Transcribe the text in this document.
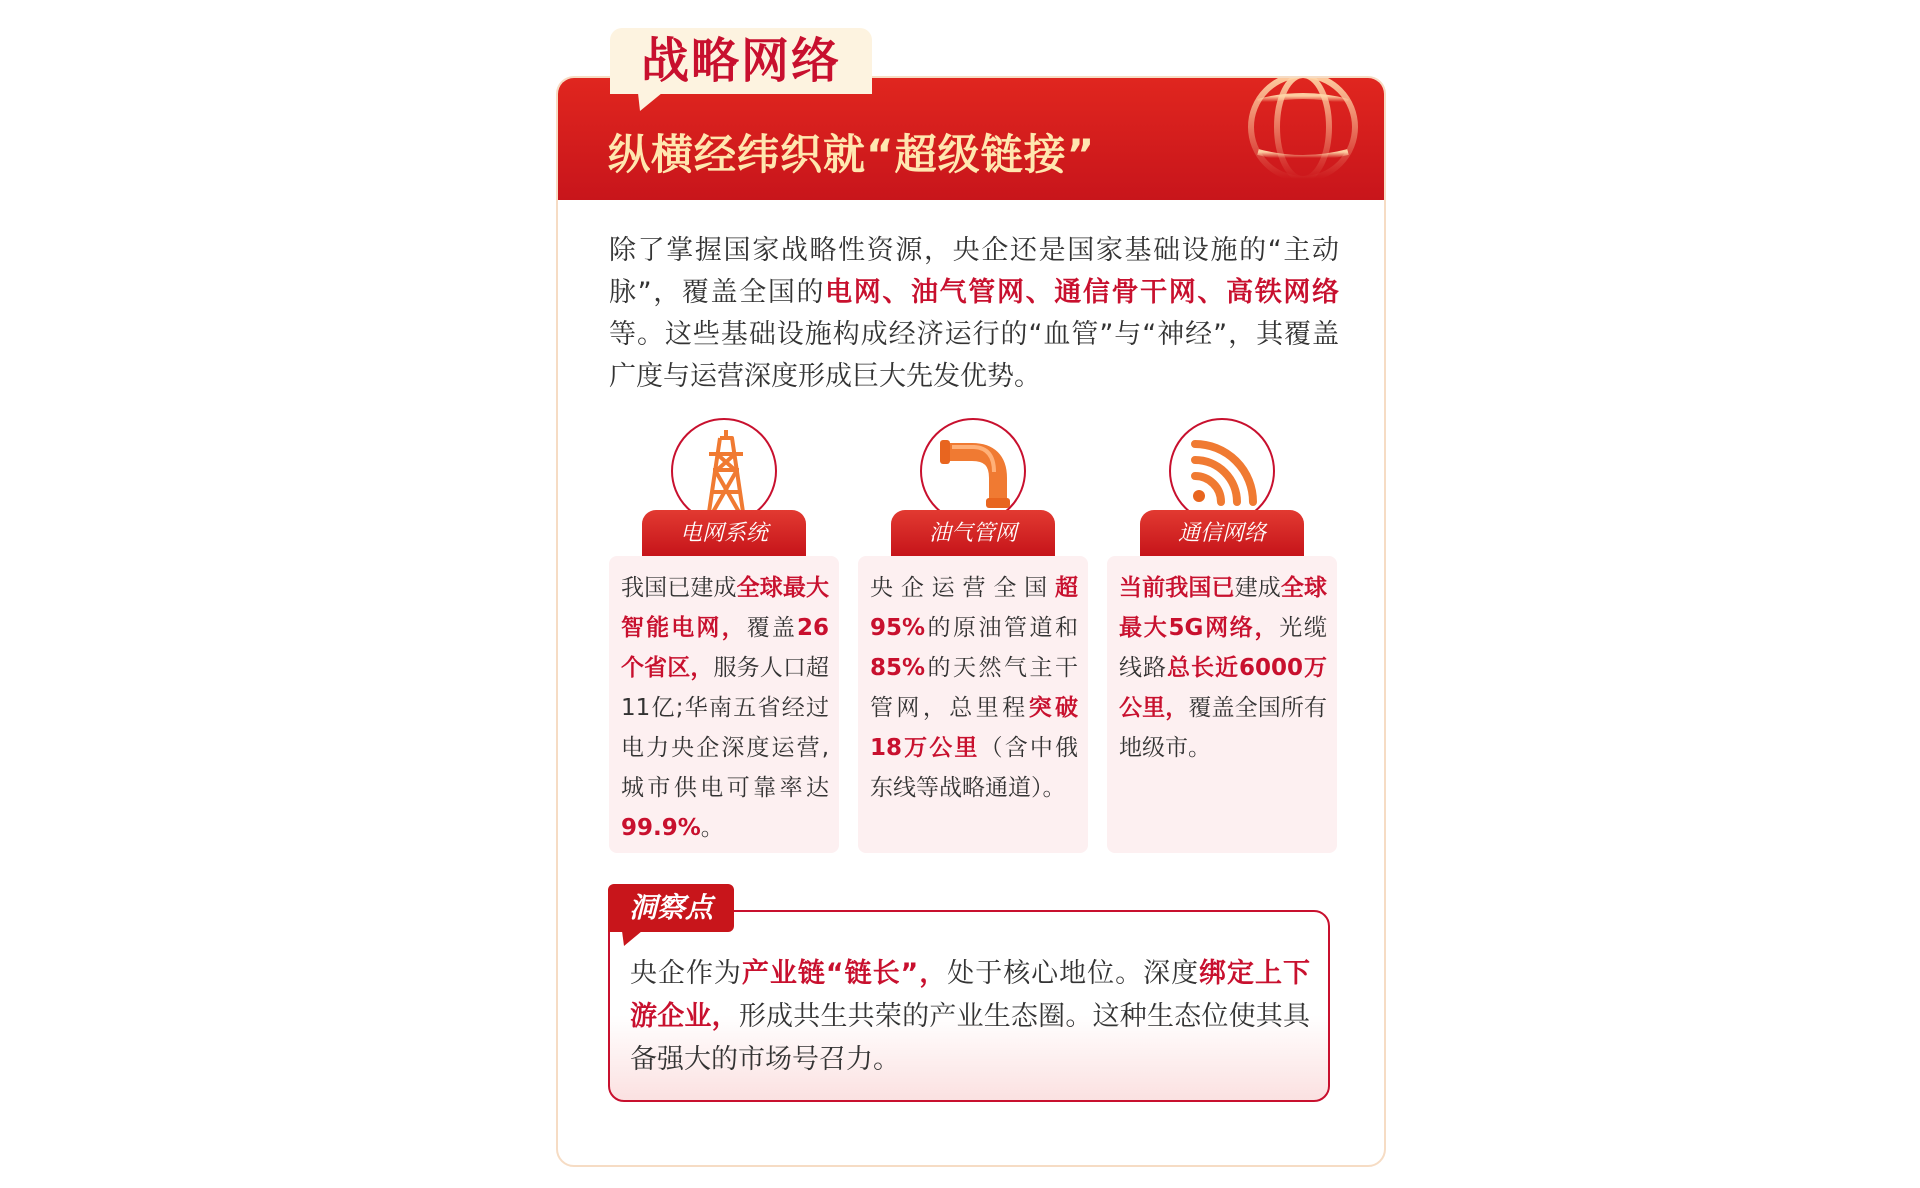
纵横经纬织就“超级链接”
战略网络
除了掌握国家战略性资源，央企还是国家基础设施的“主动脉”，覆盖全国的电网、油气管网、通信骨干网、高铁网络等。这些基础设施构成经济运行的“血管”与“神经”，其覆盖广度与运营深度形成巨大先发优势。
电网系统
我国已建成全球最大智能电网，覆盖26个省区，服务人口超11亿;华南五省经过电力央企深度运营,城市供电可靠率达99.9%。
油气管网
央企运营全国超95%的原油管道和85%的天然气主干管网，总里程突破18万公里（含中俄东线等战略通道）。
通信网络
当前我国已建成全球最大5G网络，光缆线路总长近6000万公里，覆盖全国所有地级市。
央企作为产业链“链长”，处于核心地位。深度绑定上下游企业，形成共生共荣的产业生态圈。这种生态位使其具备强大的市场号召力。
洞察点
